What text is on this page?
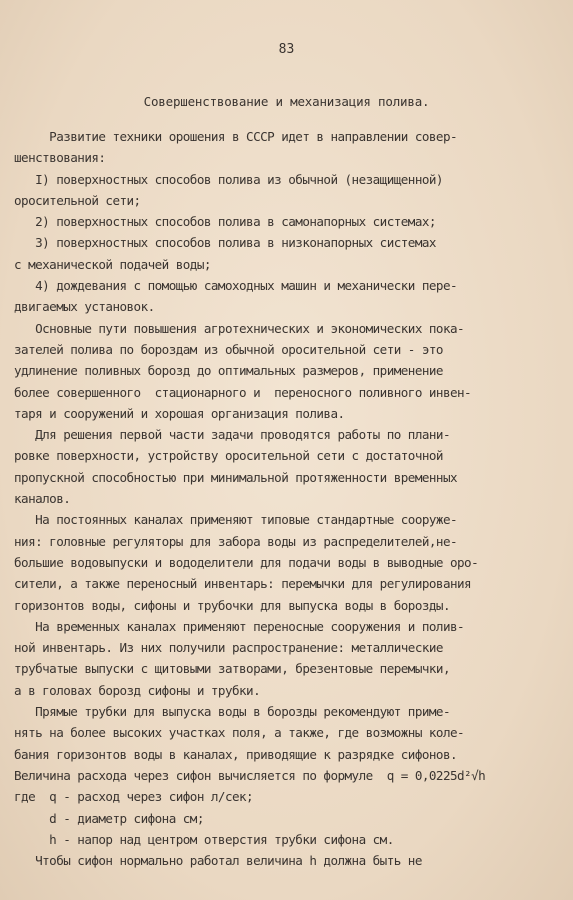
83
Совершенствование и механизация полива.
Развитие техники орошения в СССР идет в направлении совер-
шенствования:
I) поверхностных способов полива из обычной (незащищенной)
оросительной сети;
2) поверхностных способов полива в самонапорных системах;
3) поверхностных способов полива в низконапорных системах
с механической подачей воды;
4) дождевания с помощью самоходных машин и механически пере-
двигаемых установок.
Основные пути повышения агротехнических и экономических пока-
зателей полива по бороздам из обычной оросительной сети - это
удлинение поливных борозд до оптимальных размеров, применение
более совершенного  стационарного и  переносного поливного инвен-
таря и сооружений и хорошая организация полива.
Для решения первой части задачи проводятся работы по плани-
ровке поверхности, устройству оросительной сети с достаточной
пропускной способностью при минимальной протяженности временных
каналов.
На постоянных каналах применяют типовые стандартные сооруже-
ния: головные регуляторы для забора воды из распределителей,не-
большие водовыпуски и вододелители для подачи воды в выводные оро-
сители, а также переносный инвентарь: перемычки для регулирования
горизонтов воды, сифоны и трубочки для выпуска воды в борозды.
На временных каналах применяют переносные сооружения и полив-
ной инвентарь. Из них получили распространение: металлические
трубчатые выпуски с щитовыми затворами, брезентовые перемычки,
а в головах борозд сифоны и трубки.
Прямые трубки для выпуска воды в борозды рекомендуют приме-
нять на более высоких участках поля, а также, где возможны коле-
бания горизонтов воды в каналах, приводящие к разрядке сифонов.
Величина расхода через сифон вычисляется по формуле  q = 0,0225d²√h
где  q - расход через сифон л/сек;
d - диаметр сифона см;
h - напор над центром отверстия трубки сифона см.
Чтобы сифон нормально работал величина h должна быть не
